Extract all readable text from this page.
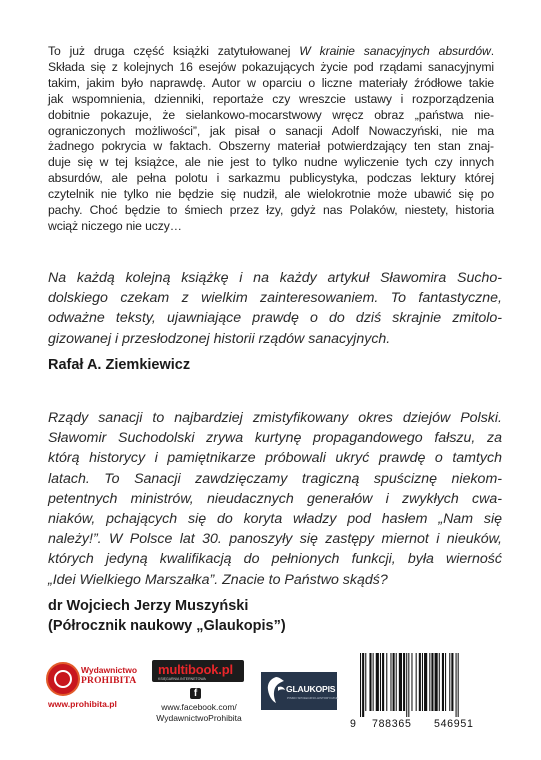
To już druga część książki zatytułowanej W krainie sanacyjnych absurdów.
Składa się z kolejnych 16 esejów pokazujących życie pod rządami sanacyjnymi
takim, jakim było naprawdę. Autor w oparciu o liczne materiały źródłowe takie
jak wspomnienia, dzienniki, reportaże czy wreszcie ustawy i rozporządzenia
dobitnie pokazuje, że sielankowo-mocarstwowy wręcz obraz „państwa nie-
ograniczonych możliwości”, jak pisał o sanacji Adolf Nowaczyński, nie ma
żadnego pokrycia w faktach. Obszerny materiał potwierdzający ten stan znaj-
duje się w tej książce, ale nie jest to tylko nudne wyliczenie tych czy innych
absurdów, ale pełna polotu i sarkazmu publicystyka, podczas lektury której
czytelnik nie tylko nie będzie się nudził, ale wielokrotnie może ubawić się po
pachy. Choć będzie to śmiech przez łzy, gdyż nas Polaków, niestety, historia
wciąż niczego nie uczy…

Na każdą kolejną książkę i na każdy artykuł Sławomira Sucho-
dolskiego czekam z wielkim zainteresowaniem. To fantastyczne,
odważne teksty, ujawniające prawdę o do dziś skrajnie zmitolo-
gizowanej i przesłodzonej historii rządów sanacyjnych.

Rafał A. Ziemkiewicz

Rządy sanacji to najbardziej zmistyfikowany okres dziejów Polski.
Sławomir Suchodolski zrywa kurtynę propagandowego fałszu, za
którą historycy i pamiętnikarze próbowali ukryć prawdę o tamtych
latach. To Sanacji zawdzięczamy tragiczną spuściznę niekom-
petentnych ministrów, nieudacznych generałów i zwykłych cwa-
niaków, pchających się do koryta władzy pod hasłem „Nam się
należy!”. W Polsce lat 30. panoszyły się zastępy miernot i nieuków,
których jedyną kwalifikacją do pełnionych funkcji, była wierność
„Idei Wielkiego Marszałka”. Znacie to Państwo skądś?

dr Wojciech Jerzy Muszyński
(Półrocznik naukowy „Glaukopis”)
Wydawnictwo
PROHIBITA
www.prohibita.pl
multibook.pl
KSIĘGARNIA INTERNETOWA
f
www.facebook.com/
WydawnictwoProhibita
GLAUKOPIS
PISMO SPOŁECZNO-HISTORYCZNE
9 788365 546951
